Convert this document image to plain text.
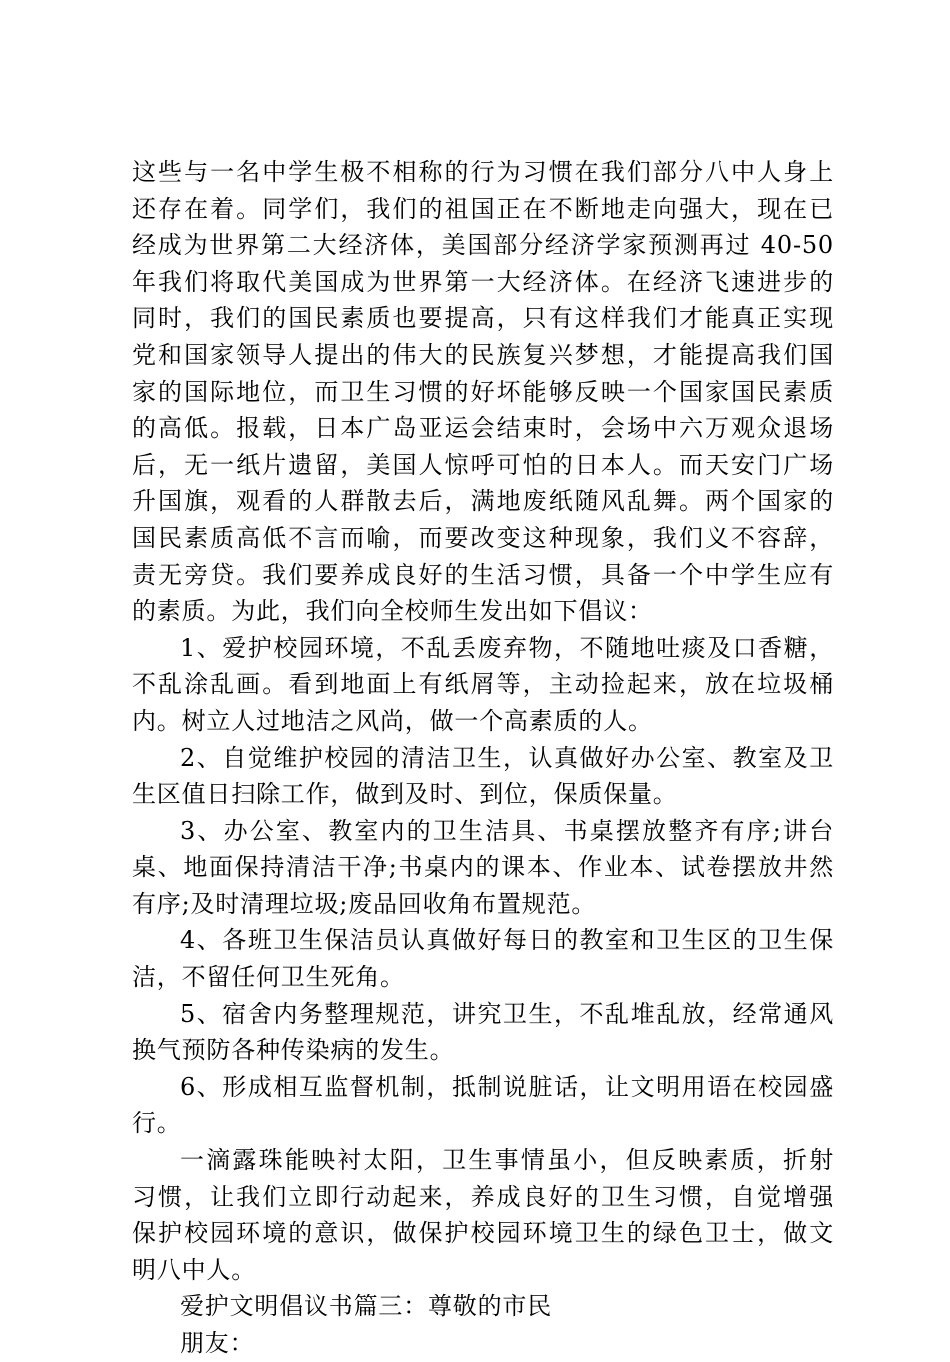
这些与一名中学生极不相称的行为习惯在我们部分八中人身上
还存在着。同学们，我们的祖国正在不断地走向强大，现在已
经成为世界第二大经济体，美国部分经济学家预测再过 40-50
年我们将取代美国成为世界第一大经济体。在经济飞速进步的
同时，我们的国民素质也要提高，只有这样我们才能真正实现
党和国家领导人提出的伟大的民族复兴梦想，才能提高我们国
家的国际地位，而卫生习惯的好坏能够反映一个国家国民素质
的高低。报载，日本广岛亚运会结束时，会场中六万观众退场
后，无一纸片遗留，美国人惊呼可怕的日本人。而天安门广场
升国旗，观看的人群散去后，满地废纸随风乱舞。两个国家的
国民素质高低不言而喻，而要改变这种现象，我们义不容辞，
责无旁贷。我们要养成良好的生活习惯，具备一个中学生应有
的素质。为此，我们向全校师生发出如下倡议：
1、爱护校园环境，不乱丢废弃物，不随地吐痰及口香糖，
不乱涂乱画。看到地面上有纸屑等，主动捡起来，放在垃圾桶
内。树立人过地洁之风尚，做一个高素质的人。
2、自觉维护校园的清洁卫生，认真做好办公室、教室及卫
生区值日扫除工作，做到及时、到位，保质保量。
3、办公室、教室内的卫生洁具、书桌摆放整齐有序;讲台
桌、地面保持清洁干净;书桌内的课本、作业本、试卷摆放井然
有序;及时清理垃圾;废品回收角布置规范。
4、各班卫生保洁员认真做好每日的教室和卫生区的卫生保
洁，不留任何卫生死角。
5、宿舍内务整理规范，讲究卫生，不乱堆乱放，经常通风
换气预防各种传染病的发生。
6、形成相互监督机制，抵制说脏话，让文明用语在校园盛
行。
一滴露珠能映衬太阳，卫生事情虽小，但反映素质，折射
习惯，让我们立即行动起来，养成良好的卫生习惯，自觉增强
保护校园环境的意识，做保护校园环境卫生的绿色卫士，做文
明八中人。
爱护文明倡议书篇三：尊敬的市民
朋友：
